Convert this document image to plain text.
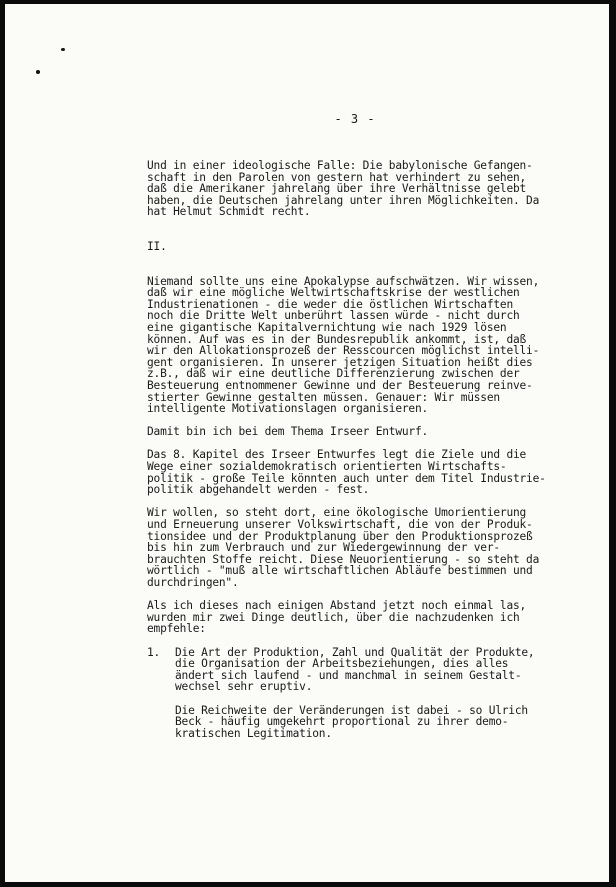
- 3 -

Und in einer ideologische Falle: Die babylonische Gefangen-
schaft in den Parolen von gestern hat verhindert zu sehen,
daß die Amerikaner jahrelang über ihre Verhältnisse gelebt
haben, die Deutschen jahrelang unter ihren Möglichkeiten. Da
hat Helmut Schmidt recht.

II.

Niemand sollte uns eine Apokalypse aufschwätzen. Wir wissen,
daß wir eine mögliche Weltwirtschaftskrise der westlichen
Industrienationen - die weder die östlichen Wirtschaften
noch die Dritte Welt unberührt lassen würde - nicht durch
eine gigantische Kapitalvernichtung wie nach 1929 lösen
können. Auf was es in der Bundesrepublik ankommt, ist, daß
wir den Allokationsprozeß der Resscourcen möglichst intelli-
gent organisieren. In unserer jetzigen Situation heißt dies
z.B., daß wir eine deutliche Differenzierung zwischen der
Besteuerung entnommener Gewinne und der Besteuerung reinve-
stierter Gewinne gestalten müssen. Genauer: Wir müssen
intelligente Motivationslagen organisieren.

Damit bin ich bei dem Thema Irseer Entwurf.

Das 8. Kapitel des Irseer Entwurfes legt die Ziele und die
Wege einer sozialdemokratisch orientierten Wirtschafts-
politik - große Teile könnten auch unter dem Titel Industrie-
politik abgehandelt werden - fest.

Wir wollen, so steht dort, eine ökologische Umorientierung
und Erneuerung unserer Volkswirtschaft, die von der Produk-
tionsidee und der Produktplanung über den Produktionsprozeß
bis hin zum Verbrauch und zur Wiedergewinnung der ver-
brauchten Stoffe reicht. Diese Neuorientierung - so steht da
wörtlich - "muß alle wirtschaftlichen Abläufe bestimmen und
durchdringen".

Als ich dieses nach einigen Abstand jetzt noch einmal las,
wurden mir zwei Dinge deutlich, über die nachzudenken ich
empfehle:

1.	Die Art der Produktion, Zahl und Qualität der Produkte,
die Organisation der Arbeitsbeziehungen, dies alles
ändert sich laufend - und manchmal in seinem Gestalt-
wechsel sehr eruptiv.

Die Reichweite der Veränderungen ist dabei - so Ulrich
Beck - häufig umgekehrt proportional zu ihrer demo-
kratischen Legitimation.
